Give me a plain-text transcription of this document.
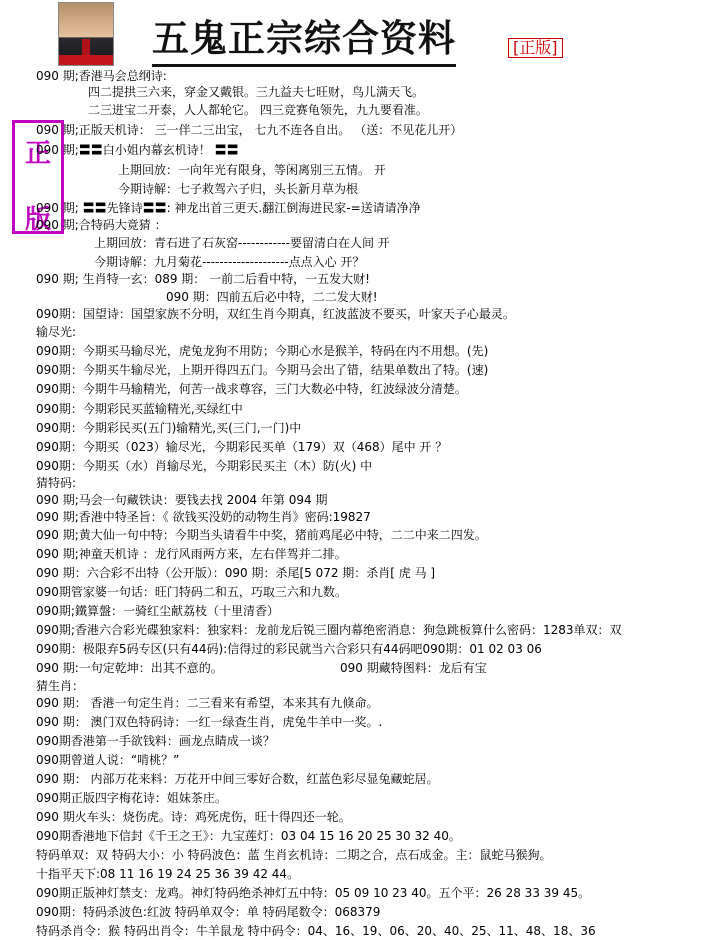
五鬼正宗综合资料	[正版]
正
版
090 期;香港马会总纲诗:
四二提拱三六来，穿金又戴银。三九益夫七旺财，鸟儿满天飞。
二三进宝二开泰，人人都轮它。 四三竞赛龟领先，九九要看准。
090 期;正版天机诗： 三一伴二三出宝， 七九不连各自出。 （送：不见花儿开）
090 期;〓〓白小姐内幕玄机诗！ 〓〓
上期回放：一向年光有限身，等闲离别三五情。 开
今期诗解：七子救驾六子归，头长新月草为根
090 期; 〓〓先锋诗〓〓: 神龙出首三更天.翻江倒海进民家-=送请请净净
090 期;合特码大竟猜 ：
上期回放：青石进了石灰窑------------要留清白在人间 开
今期诗解：九月菊花--------------------点点入心 开？
090 期; 生肖特一玄：089 期： 一前二后看中特，一五发大财!
090 期：四前五后必中特，二二发大财!
090期：国望诗：国望家族不分明，双红生肖今期真，红波蓝波不要买，叶家天子心最灵。
输尽光:
090期：今期买马输尽光，虎兔龙狗不用防；今期心水是猴羊，特码在内不用想。(先)
090期：今期买牛输尽光，上期开得四五门。今期马会出了错，结果单数出了特。(速)
090期：今期牛马输精光，何苦一战求尊容，三门大数必中特，红波绿波分清楚。
090期：今期彩民买蓝输精光,买绿红中
090期：今期彩民买(五门)输精光,买(三门,一门)中
090期：今期买（023）输尽光，今期彩民买单（179）双（468）尾中 开 ？
090期：今期买（水）肖输尽光，今期彩民买主（木）防(火) 中
猜特码:
090 期;马会一句藏铁诀：要钱去找 2004 年第 094 期
090 期;香港中特圣旨：《 欲钱买没奶的动物生肖》密码:19827
090 期;黄大仙一句中特：今期当头请看牛中奖，猪前鸡尾必中特，二二中来二四发。
090 期;神童天机诗 ：龙行风雨两方来，左右伴驾并二排。
090 期：六合彩不出特（公开版）：090 期：杀尾[5 072 期：杀肖[ 虎 马 ]
090期管家婆一句话：旺门特码二和五，巧取三六和九数。
090期;鐵算盤：一骑红尘献荔枝（十里清香）
090期;香港六合彩光碟独家料：独家料：龙前龙后锐三圈内幕绝密消息：狗急跳板算什么密码：1283单双：双
090期：极限弃5码专区(只有44码):信得过的彩民就当六合彩只有44码吧090期：01 02 03 06
090 期:一句定乾坤：出其不意的。	090 期藏特图料：龙后有宝
猜生肖：
090 期： 香港一句定生肖：二三看来有希望，本来其有九倏命。
090 期： 澳门双色特码诗：一红一绿查生肖，虎兔牛羊中一奖。.
090期香港第一手欲钱料：画龙点睛成一谈？
090期曾道人说：“啃桃？”
090 期： 内部万花来料：万花开中间三零好合数，红蓝色彩尽显兔藏蛇居。
090期正版四字梅花诗：姐妹茶庄。
090 期火车头：烧伤虎。诗：鸡死虎伤，旺十得四还一轮。
090期香港地下信封《千王之王》：九宝莲灯：03 04 15 16 20 25 30 32 40。
特码单双：双 特码大小：小 特码波色：蓝 生肖玄机诗：二期之合，点石成金。主：鼠蛇马猴狗。
十指平天下:08 11 16 19 24 25 36 39 42 44。
090期正版神灯禁支：龙鸡。神灯特码绝杀神灯五中特：05 09 10 23 40。五个平：26 28 33 39 45。
090期：特码杀波色:红波 特码单双令：单 特码尾数令：068379
特码杀肖令：猴 特码出肖令：牛羊鼠龙 特中码令：04、16、19、06、20、40、25、11、48、18、36
